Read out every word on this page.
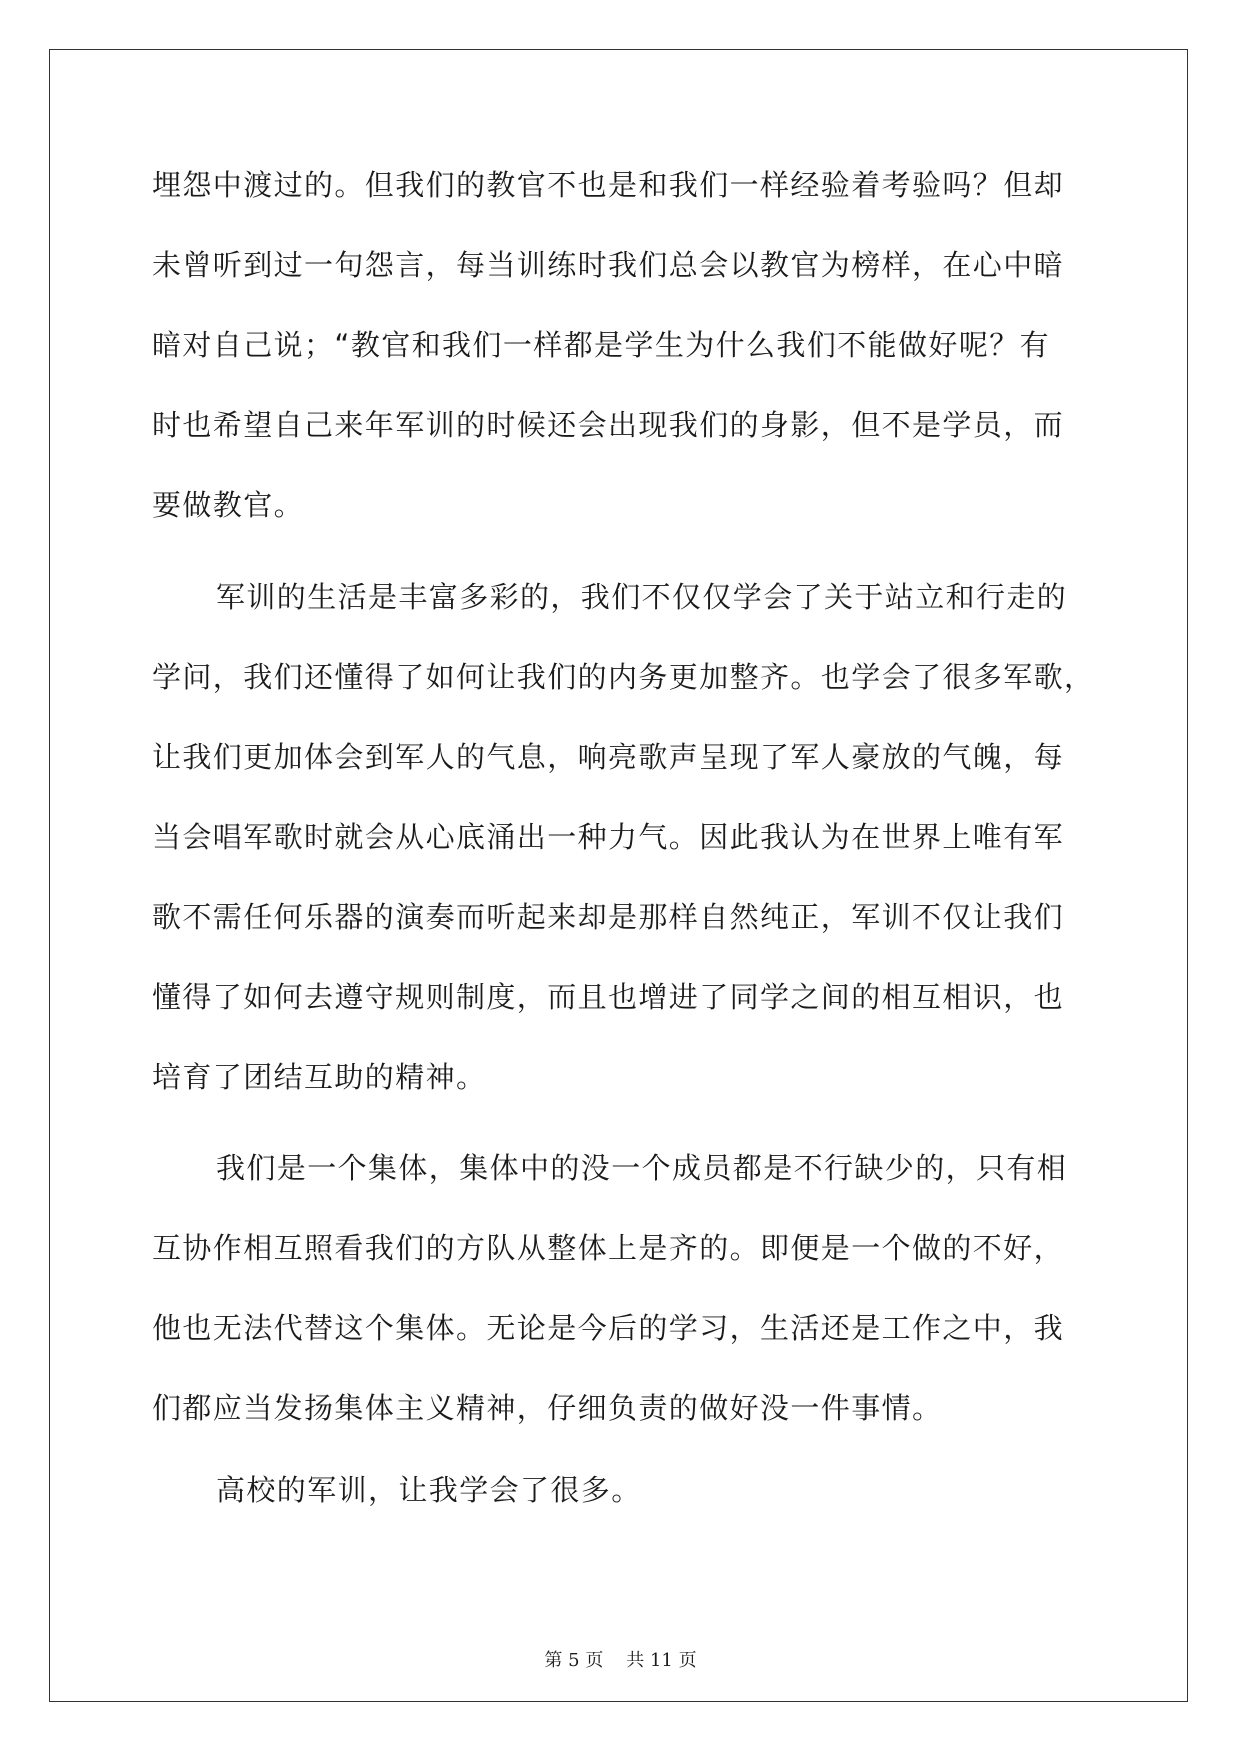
埋怨中渡过的。但我们的教官不也是和我们一样经验着考验吗？但却
未曾听到过一句怨言，每当训练时我们总会以教官为榜样，在心中暗
暗对自己说；“教官和我们一样都是学生为什么我们不能做好呢？有
时也希望自己来年军训的时候还会出现我们的身影，但不是学员，而
要做教官。
军训的生活是丰富多彩的，我们不仅仅学会了关于站立和行走的
学问，我们还懂得了如何让我们的内务更加整齐。也学会了很多军歌，
让我们更加体会到军人的气息，响亮歌声呈现了军人豪放的气魄，每
当会唱军歌时就会从心底涌出一种力气。因此我认为在世界上唯有军
歌不需任何乐器的演奏而听起来却是那样自然纯正，军训不仅让我们
懂得了如何去遵守规则制度，而且也增进了同学之间的相互相识，也
培育了团结互助的精神。
我们是一个集体，集体中的没一个成员都是不行缺少的，只有相
互协作相互照看我们的方队从整体上是齐的。即便是一个做的不好，
他也无法代替这个集体。无论是今后的学习，生活还是工作之中，我
们都应当发扬集体主义精神，仔细负责的做好没一件事情。
高校的军训，让我学会了很多。
第 5 页 共 11 页
